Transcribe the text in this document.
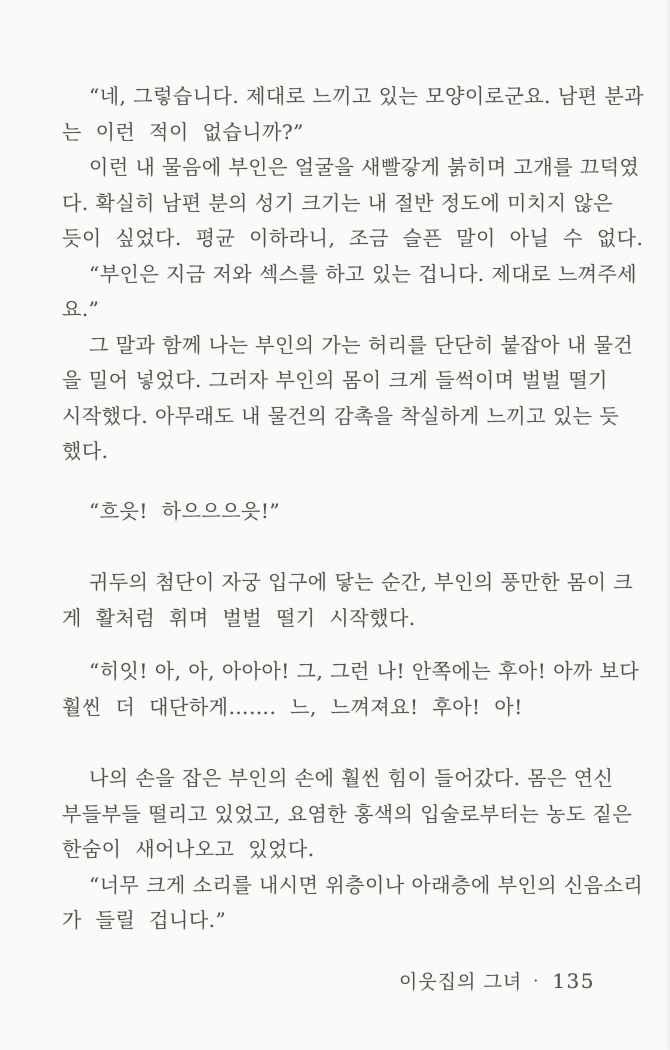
“네, 그렇습니다. 제대로 느끼고 있는 모양이로군요. 남편 분과
는 이런 적이 없습니까?”
이런 내 물음에 부인은 얼굴을 새빨갛게 붉히며 고개를 끄덕였
다. 확실히 남편 분의 성기 크기는 내 절반 정도에 미치지 않은
듯이 싶었다. 평균 이하라니, 조금 슬픈 말이 아닐 수 없다.
“부인은 지금 저와 섹스를 하고 있는 겁니다. 제대로 느껴주세
요.”
그 말과 함께 나는 부인의 가는 허리를 단단히 붙잡아 내 물건
을 밀어 넣었다. 그러자 부인의 몸이 크게 들썩이며 벌벌 떨기
시작했다. 아무래도 내 물건의 감촉을 착실하게 느끼고 있는 듯
했다.
“흐읏! 하으으으읏!”
귀두의 첨단이 자궁 입구에 닿는 순간, 부인의 풍만한 몸이 크
게 활처럼 휘며 벌벌 떨기 시작했다.
“히잇! 아, 아, 아아아! 그, 그런 나! 안쪽에는 후아! 아까 보다
훨씬 더 대단하게……. 느, 느껴져요! 후아! 아!
나의 손을 잡은 부인의 손에 훨씬 힘이 들어갔다. 몸은 연신
부들부들 떨리고 있었고, 요염한 홍색의 입술로부터는 농도 짙은
한숨이 새어나오고 있었다.
“너무 크게 소리를 내시면 위층이나 아래층에 부인의 신음소리
가 들릴 겁니다.”
이웃집의 그녀 · 135
